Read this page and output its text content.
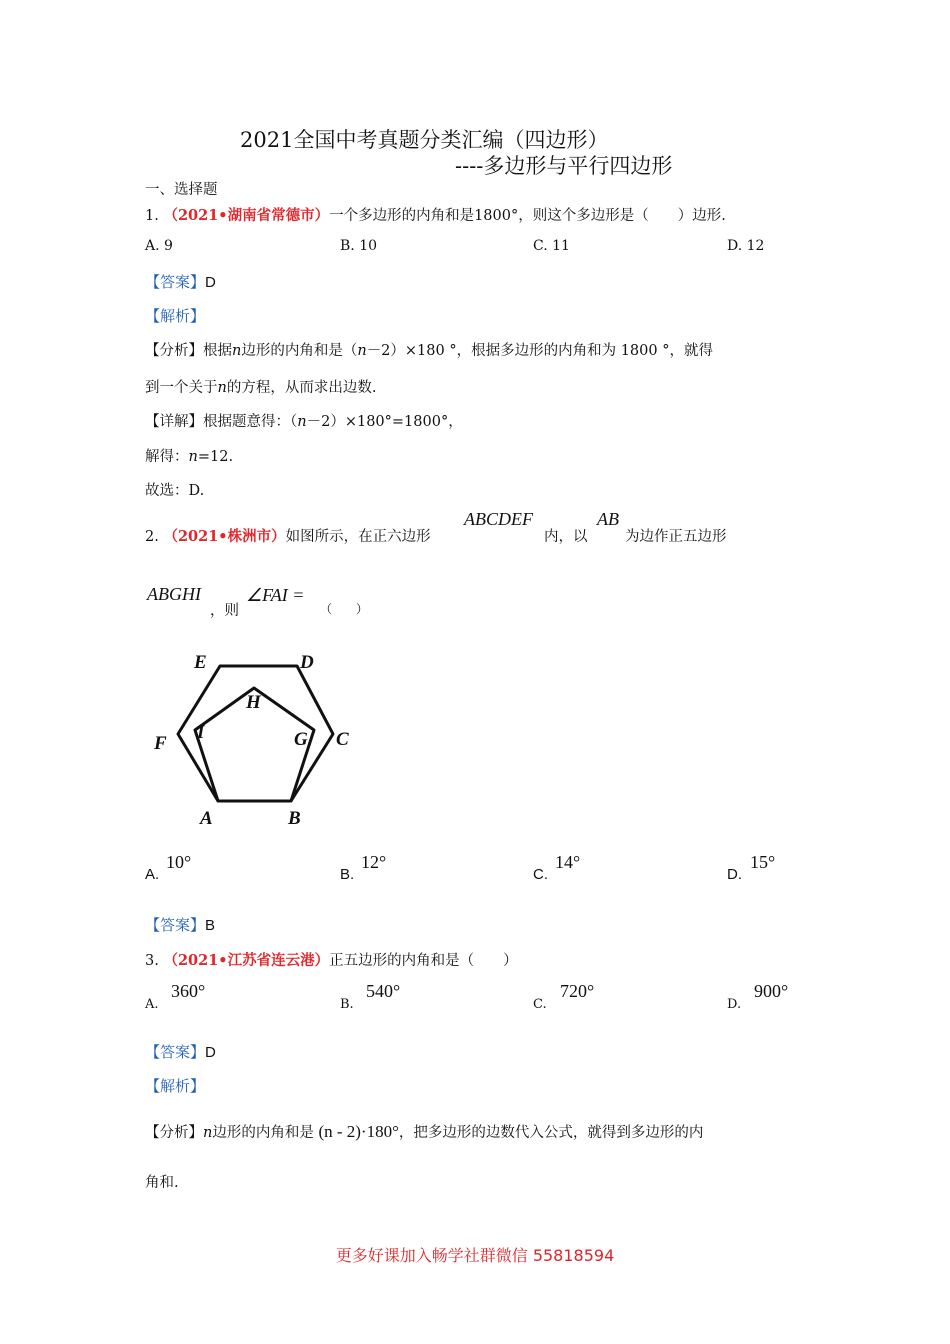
2021全国中考真题分类汇编（四边形）
----多边形与平行四边形
一、选择题
1. （2021•湖南省常德市）一个多边形的内角和是1800°，则这个多边形是（　　）边形.
A. 9	B. 10	C. 11	D. 12
【答案】D
【解析】
【分析】根据n边形的内角和是（n－2）×180 °，根据多边形的内角和为 1800 °，就得
到一个关于n的方程，从而求出边数.
【详解】根据题意得：（n－2）×180°=1800°，
解得：n=12.
故选：D.
2. （2021•株洲市）如图所示，在正六边形
ABCDEF
内，以
AB
为边作正五边形
ABGHI
，则
∠FAI =
（　　）
E	D
H
F
I	G C
A	B
A.
10°
B.
12°
C.
14°
D.
15°
【答案】B
3. （2021•江苏省连云港）正五边形的内角和是（　　）
A.
360°
B.
540°
C.
720°
D.
900°
【答案】D
【解析】
【分析】n边形的内角和是 (n - 2)·180°，把多边形的边数代入公式，就得到多边形的内
角和.
更多好课加入畅学社群微信 55818594
